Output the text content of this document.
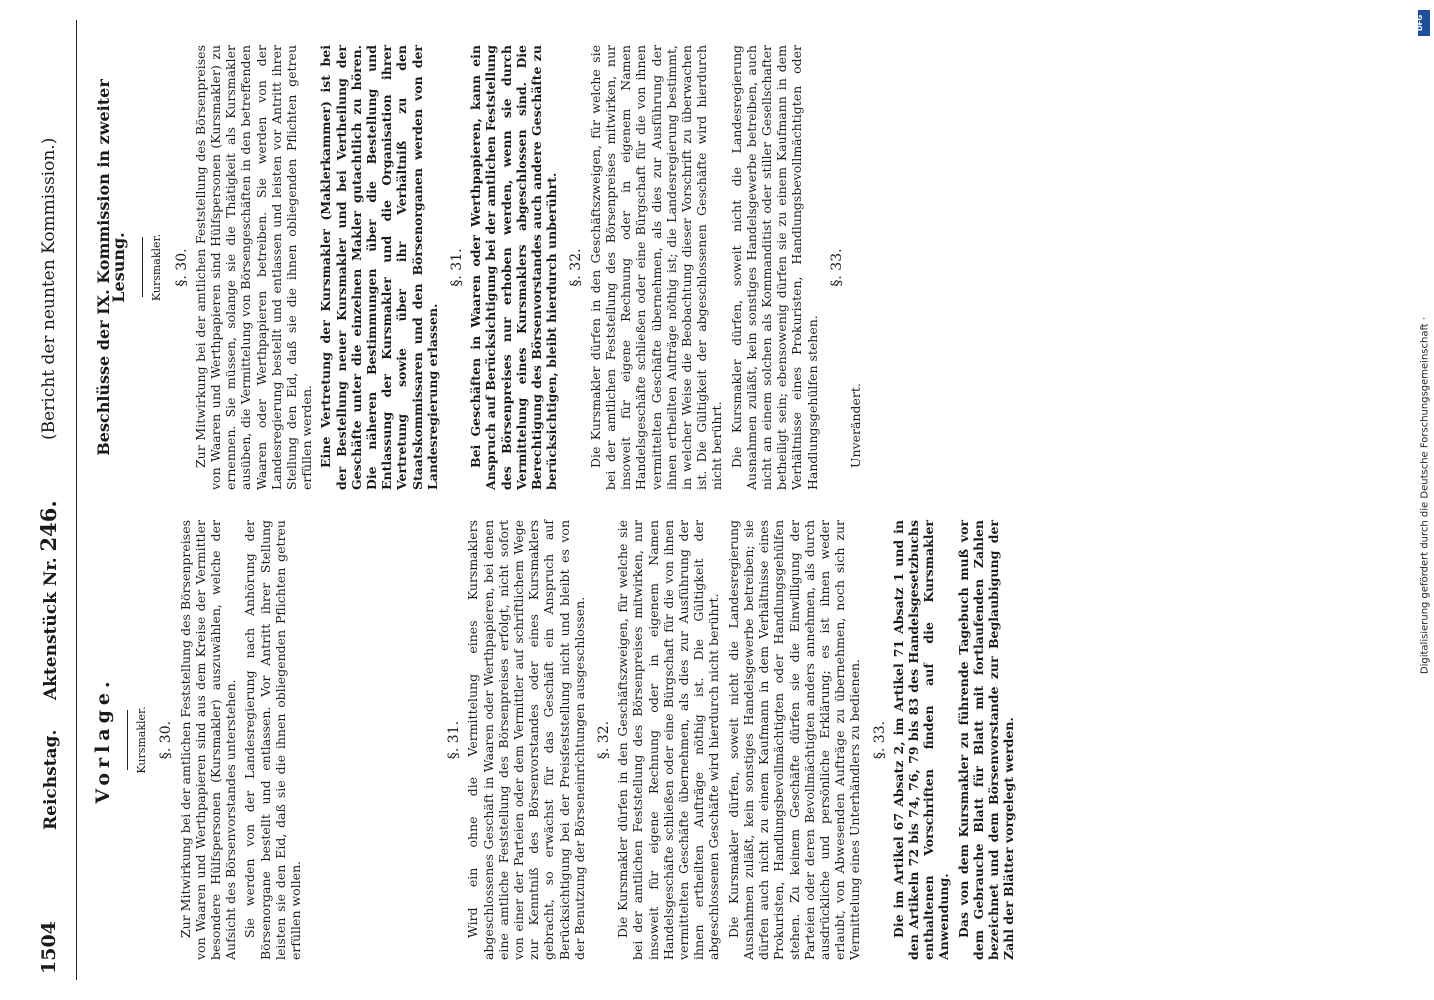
1504
Reichstag.     Aktenstück Nr. 246.
(Bericht der neunten Kommission.)
Vorlage. Kursmakler. §. 30. Zur Mitwirkung bei der amtlichen Feststellung des Börsenpreises von Waaren und Werthpapieren sind aus dem Kreise der Vermittler besondere Hülfspersonen (Kursmakler) auszuwählen, welche der Aufsicht des Börsenvorstandes unterstehen. Sie werden von der Landesregierung nach Anhörung der Börsenorgane bestellt und entlassen. Vor Antritt ihrer Stellung leisten sie den Eid, daß sie die ihnen obliegenden Pflichten getreu erfüllen wollen.

§. 31. Wird ein ohne die Vermittelung eines Kursmaklers abgeschlossenes Geschäft in Waaren oder Werthpapieren, bei denen eine amtliche Feststellung des Börsenpreises erfolgt, nicht sofort von einer der Parteien oder dem Vermittler auf schriftlichem Wege zur Kenntniß des Börsenvorstandes oder eines Kursmaklers gebracht, so erwächst für das Geschäft ein Anspruch auf Berücksichtigung bei der Preisfeststellung nicht und bleibt es von der Benutzung der Börseneinrichtungen ausgeschlossen. §. 32. Die Kursmakler dürfen in den Geschäftszweigen, für welche sie bei der amtlichen Feststellung des Börsenpreises mitwirken, nur insoweit für eigene Rechnung oder in eigenem Namen Handelsgeschäfte schließen oder eine Bürgschaft für die von ihnen vermittelten Geschäfte übernehmen, als dies zur Ausführung der ihnen ertheilten Aufträge nöthig ist. Die Gültigkeit der abgeschlossenen Geschäfte wird hierdurch nicht berührt. Die Kursmakler dürfen, soweit nicht die Landesregierung Ausnahmen zuläßt, kein sonstiges Handelsgewerbe betreiben; sie dürfen auch nicht zu einem Kaufmann in dem Verhältnisse eines Prokuristen, Handlungsbevollmächtigten oder Handlungsgehülfen stehen. Zu keinem Geschäfte dürfen sie die Einwilligung der Parteien oder deren Bevollmächtigten anders annehmen, als durch ausdrückliche und persönliche Erklärung; es ist ihnen weder erlaubt, von Abwesenden Aufträge zu übernehmen, noch sich zur Vermittelung eines Unterhändlers zu bedienen. §. 33. Die im Artikel 67 Absatz 2, im Artikel 71 Absatz 1 und in den Artikeln 72 bis 74, 76, 79 bis 83 des Handelsgesetzbuchs enthaltenen Vorschriften finden auf die Kursmakler Anwendung. Das von dem Kursmakler zu führende Tagebuch muß vor dem Gebrauche Blatt für Blatt mit fortlaufenden Zahlen bezeichnet und dem Börsenvorstande zur Beglaubigung der Zahl der Blätter vorgelegt werden.

Beschlüsse der IX. Kommission in zweiter Lesung. Kursmakler. §. 30. Zur Mitwirkung bei der amtlichen Feststellung des Börsenpreises von Waaren und Werthpapieren sind Hülfspersonen (Kursmakler) zu ernennen. Sie müssen, solange sie die Thätigkeit als Kursmakler ausüben, die Vermittelung von Börsengeschäften in den betreffenden Waaren oder Werthpapieren betreiben. Sie werden von der Landesregierung bestellt und entlassen und leisten vor Antritt ihrer Stellung den Eid, daß sie die ihnen obliegenden Pflichten getreu erfüllen werden. Eine Vertretung der Kursmakler (Maklerkammer) ist bei der Bestellung neuer Kursmakler und bei Vertheilung der Geschäfte unter die einzelnen Makler gutachtlich zu hören. Die näheren Bestimmungen über die Bestellung und Entlassung der Kursmakler und die Organisation ihrer Vertretung sowie über ihr Verhältniß zu den Staatskommissaren und den Börsenorganen werden von der Landesregierung erlassen.

§. 31. Bei Geschäften in Waaren oder Werthpapieren, kann ein Anspruch auf Berücksichtigung bei der amtlichen Feststellung des Börsenpreises nur erhoben werden, wenn sie durch Vermittelung eines Kursmaklers abgeschlossen sind. Die Berechtigung des Börsenvorstandes auch andere Geschäfte zu berücksichtigen, bleibt hierdurch unberührt. §. 32. Die Kursmakler dürfen in den Geschäftszweigen, für welche sie bei der amtlichen Feststellung des Börsenpreises mitwirken, nur insoweit für eigene Rechnung oder in eigenem Namen Handelsgeschäfte schließen oder eine Bürgschaft für die von ihnen vermittelten Geschäfte übernehmen, als dies zur Ausführung der ihnen ertheilten Aufträge nöthig ist; die Landesregierung bestimmt, in welcher Weise die Beobachtung dieser Vorschrift zu überwachen ist. Die Gültigkeit der abgeschlossenen Geschäfte wird hierdurch nicht berührt. Die Kursmakler dürfen, soweit nicht die Landesregierung Ausnahmen zuläßt, kein sonstiges Handelsgewerbe betreiben, auch nicht an einem solchen als Kommanditist oder stiller Gesellschafter betheiligt sein; ebensowenig dürfen sie zu einem Kaufmann in dem Verhältnisse eines Prokuristen, Handlungsbevollmächtigten oder Handlungsgehülfen stehen.

§. 33.

Unverändert.	Digitalisierung gefördert durch die Deutsche Forschungsgemeinschaft ·
DFG
